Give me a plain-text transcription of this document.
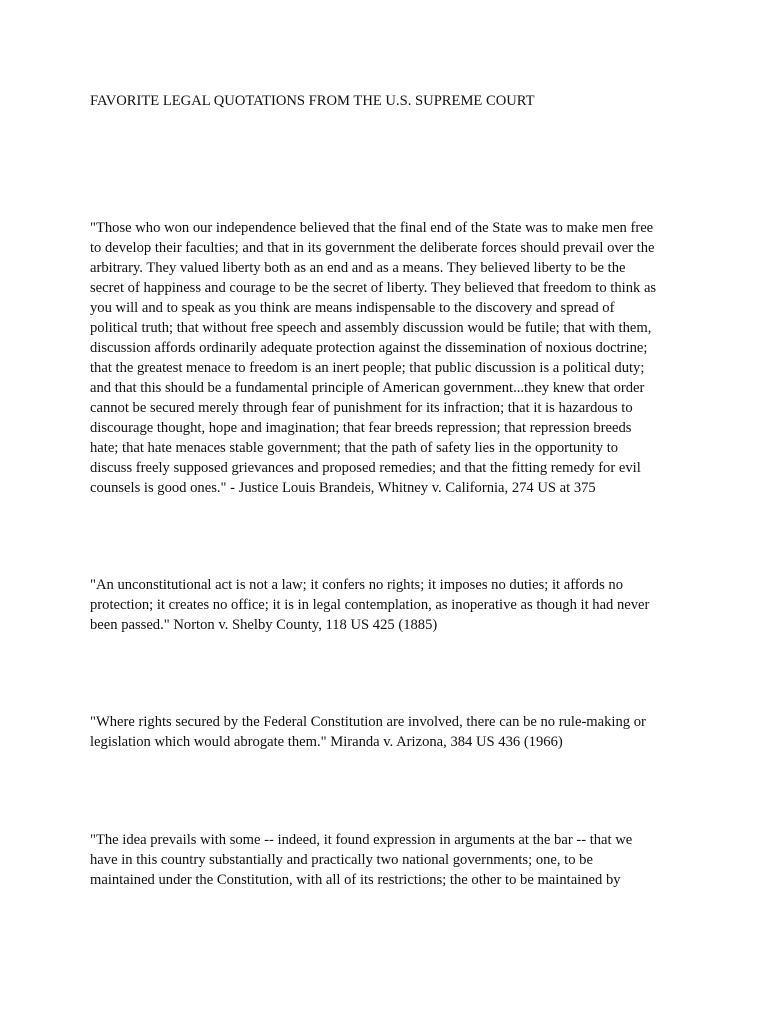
FAVORITE LEGAL QUOTATIONS FROM THE U.S. SUPREME COURT

"Those who won our independence believed that the final end of the State was to make men free
to develop their faculties; and that in its government the deliberate forces should prevail over the
arbitrary. They valued liberty both as an end and as a means. They believed liberty to be the
secret of happiness and courage to be the secret of liberty. They believed that freedom to think as
you will and to speak as you think are means indispensable to the discovery and spread of
political truth; that without free speech and assembly discussion would be futile; that with them,
discussion affords ordinarily adequate protection against the dissemination of noxious doctrine;
that the greatest menace to freedom is an inert people; that public discussion is a political duty;
and that this should be a fundamental principle of American government...they knew that order
cannot be secured merely through fear of punishment for its infraction; that it is hazardous to
discourage thought, hope and imagination; that fear breeds repression; that repression breeds
hate; that hate menaces stable government; that the path of safety lies in the opportunity to
discuss freely supposed grievances and proposed remedies; and that the fitting remedy for evil
counsels is good ones." - Justice Louis Brandeis, Whitney v. California, 274 US at 375

"An unconstitutional act is not a law; it confers no rights; it imposes no duties; it affords no
protection; it creates no office; it is in legal contemplation, as inoperative as though it had never
been passed." Norton v. Shelby County, 118 US 425 (1885)

"Where rights secured by the Federal Constitution are involved, there can be no rule-making or
legislation which would abrogate them." Miranda v. Arizona, 384 US 436 (1966)

"The idea prevails with some -- indeed, it found expression in arguments at the bar -- that we
have in this country substantially and practically two national governments; one, to be
maintained under the Constitution, with all of its restrictions; the other to be maintained by
